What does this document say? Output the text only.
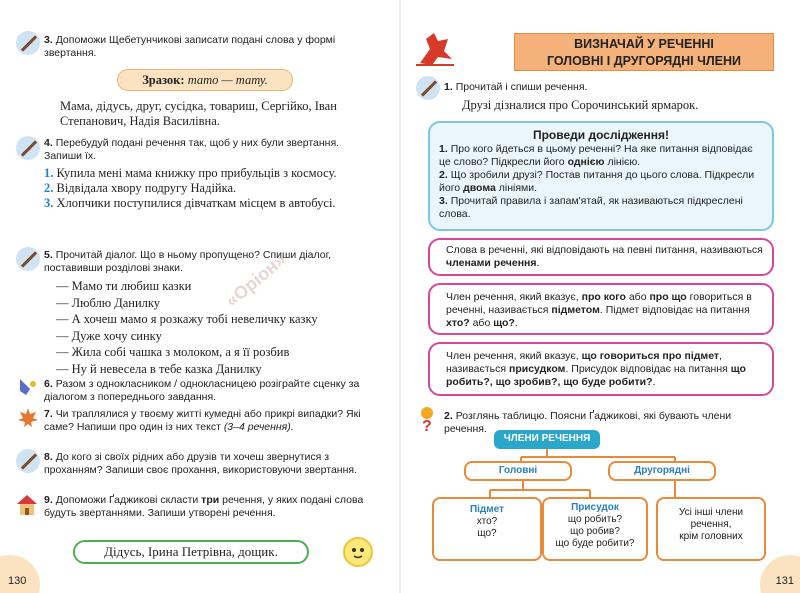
«Оріон»
3. Допоможи Щебетунчикові записати подані слова у формі звертання.
Зразок: тато — тату.
Мама, дідусь, друг, сусідка, товариш, Сергійко, Іван Степанович, Надія Василівна.
4. Перебудуй подані речення так, щоб у них були звертання. Запиши їх.
1. Купила мені мама книжку про прибульців з космосу.
2. Відвідала хвору подругу Надійка.
3. Хлопчики поступилися дівчаткам місцем в автобусі.
5. Прочитай діалог. Що в ньому пропущено? Спиши діалог, поставивши розділові знаки.
— Мамо ти любиш казки
— Люблю Данилку
— А хочеш мамо я розкажу тобі невеличку казку
— Дуже хочу синку
— Жила собі чашка з молоком, а я її розбив
— Ну й невесела в тебе казка Данилку
6. Разом з однокласником / однокласницею розіграйте сценку за діалогом з попереднього завдання.
7. Чи траплялися у твоєму житті кумедні або прикрі випадки? Які саме? Напиши про один із них текст (3–4 речення).
8. До кого зі своїх рідних або друзів ти хочеш звернутися з проханням? Запиши своє прохання, використовуючи звертання.
9. Допоможи Ґаджикові скласти три речення, у яких подані слова будуть звертаннями. Запиши утворені речення.
Дідусь, Ірина Петрівна, дощик.
130
ВИЗНАЧАЙ У РЕЧЕННІ
ГОЛОВНІ І ДРУГОРЯДНІ ЧЛЕНИ
1. Прочитай і спиши речення.
Друзі дізналися про Сорочинський ярмарок.
Проведи дослідження!
1. Про кого йдеться в цьому реченні? На яке питання відповідає це слово? Підкресли його однією лінією.
2. Що зробили друзі? Постав питання до цього слова. Підкресли його двома лініями.
3. Прочитай правила і запам'ятай, як називаються підкреслені слова.
Слова в реченні, які відповідають на певні питання, називаються членами речення.
Член речення, який вказує, про кого або про що говориться в реченні, називається підметом. Підмет відповідає на питання хто? або що?.
Член речення, який вказує, що говориться про підмет, називається присудком. Присудок відповідає на питання що робить?, що зробив?, що буде робити?.
?
2. Розглянь таблицю. Поясни Ґаджикові, які бувають члени речення.
ЧЛЕНИ РЕЧЕННЯ
Головні	Другорядні
Підмет
хто?
що?
Присудок
що робить?
що робив?
що буде робити?
Усі інші члени
речення,
крім головних
131
